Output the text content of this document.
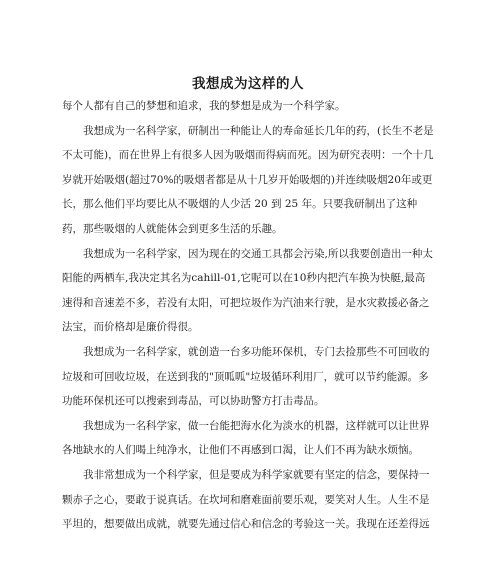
我想成为这样的人

每个人都有自己的梦想和追求，我的梦想是成为一个科学家。

我想成为一名科学家，研制出一种能让人的寿命延长几年的药，(长生不老是不太可能)，而在世界上有很多人因为吸烟而得病而死。因为研究表明：一个十几岁就开始吸烟(超过70%的吸烟者都是从十几岁开始吸烟的)并连续吸烟20年或更长，那么他们平均要比从不吸烟的人少活 20 到 25 年。只要我研制出了这种药，那些吸烟的人就能体会到更多生活的乐趣。

我想成为一名科学家，因为现在的交通工具都会污染,所以我要创造出一种太阳能的两栖车,我决定其名为cahill-01,它呢可以在10秒内把汽车换为快艇,最高速得和音速差不多，若没有太阳，可把垃圾作为汽油来行驶，是水灾救援必备之法宝，而价格却是廉价得很。

我想成为一名科学家，就创造一台多功能环保机，专门去捡那些不可回收的垃圾和可回收垃圾，在送到我的"顶呱呱"垃圾循环利用厂，就可以节约能源。多功能环保机还可以搜索到毒品，可以协助警方打击毒品。

我想成为一名科学家，做一台能把海水化为淡水的机器，这样就可以让世界各地缺水的人们喝上纯净水，让他们不再感到口渴，让人们不再为缺水烦恼。

我非常想成为一个科学家，但是要成为科学家就要有坚定的信念，要保持一颗赤子之心，要敢于说真话。在坎坷和磨难面前要乐观，要笑对人生。人生不是平坦的，想要做出成就，就要先通过信心和信念的考验这一关。我现在还差得远
